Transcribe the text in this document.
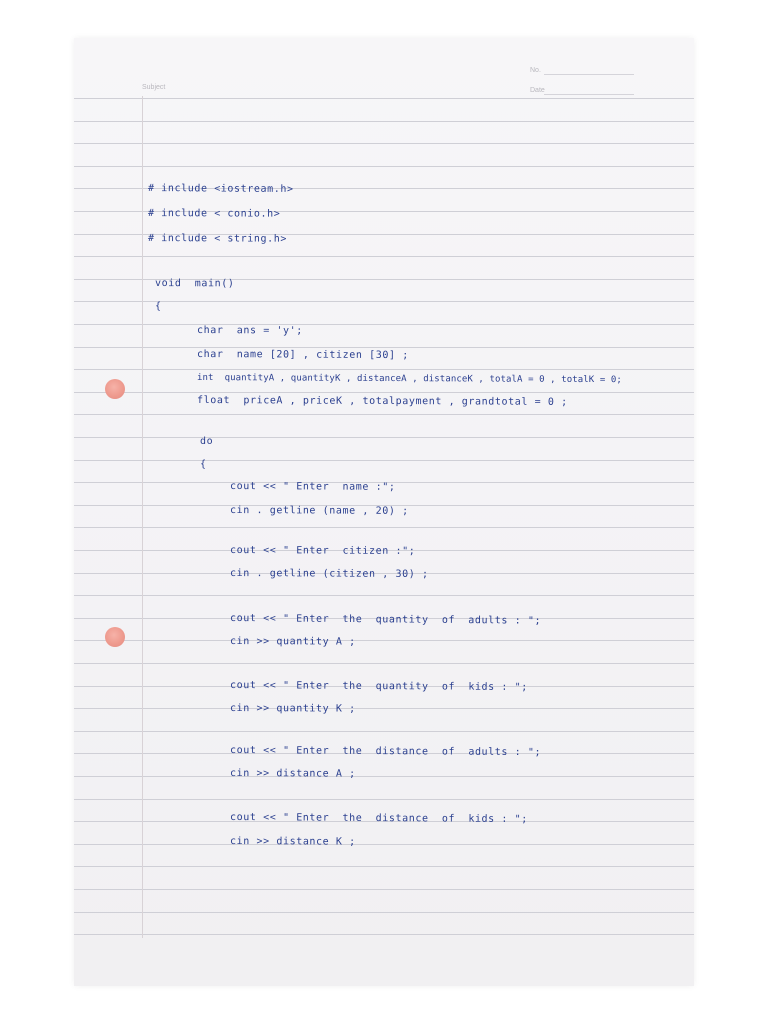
Subject
No.
Date
# include <iostream.h>
# include < conio.h>
# include < string.h>
void  main()
{
char  ans = 'y';
char  name [20] , citizen [30] ;
int  quantityA , quantityK , distanceA , distanceK , totalA = 0 , totalK = 0;
float  priceA , priceK , totalpayment , grandtotal = 0 ;
do
{
cout << " Enter  name :";
cin . getline (name , 20) ;
cout << " Enter  citizen :";
cin . getline (citizen , 30) ;
cout << " Enter  the  quantity  of  adults : ";
cin >> quantity A ;
cout << " Enter  the  quantity  of  kids : ";
cin >> quantity K ;
cout << " Enter  the  distance  of  adults : ";
cin >> distance A ;
cout << " Enter  the  distance  of  kids : ";
cin >> distance K ;
